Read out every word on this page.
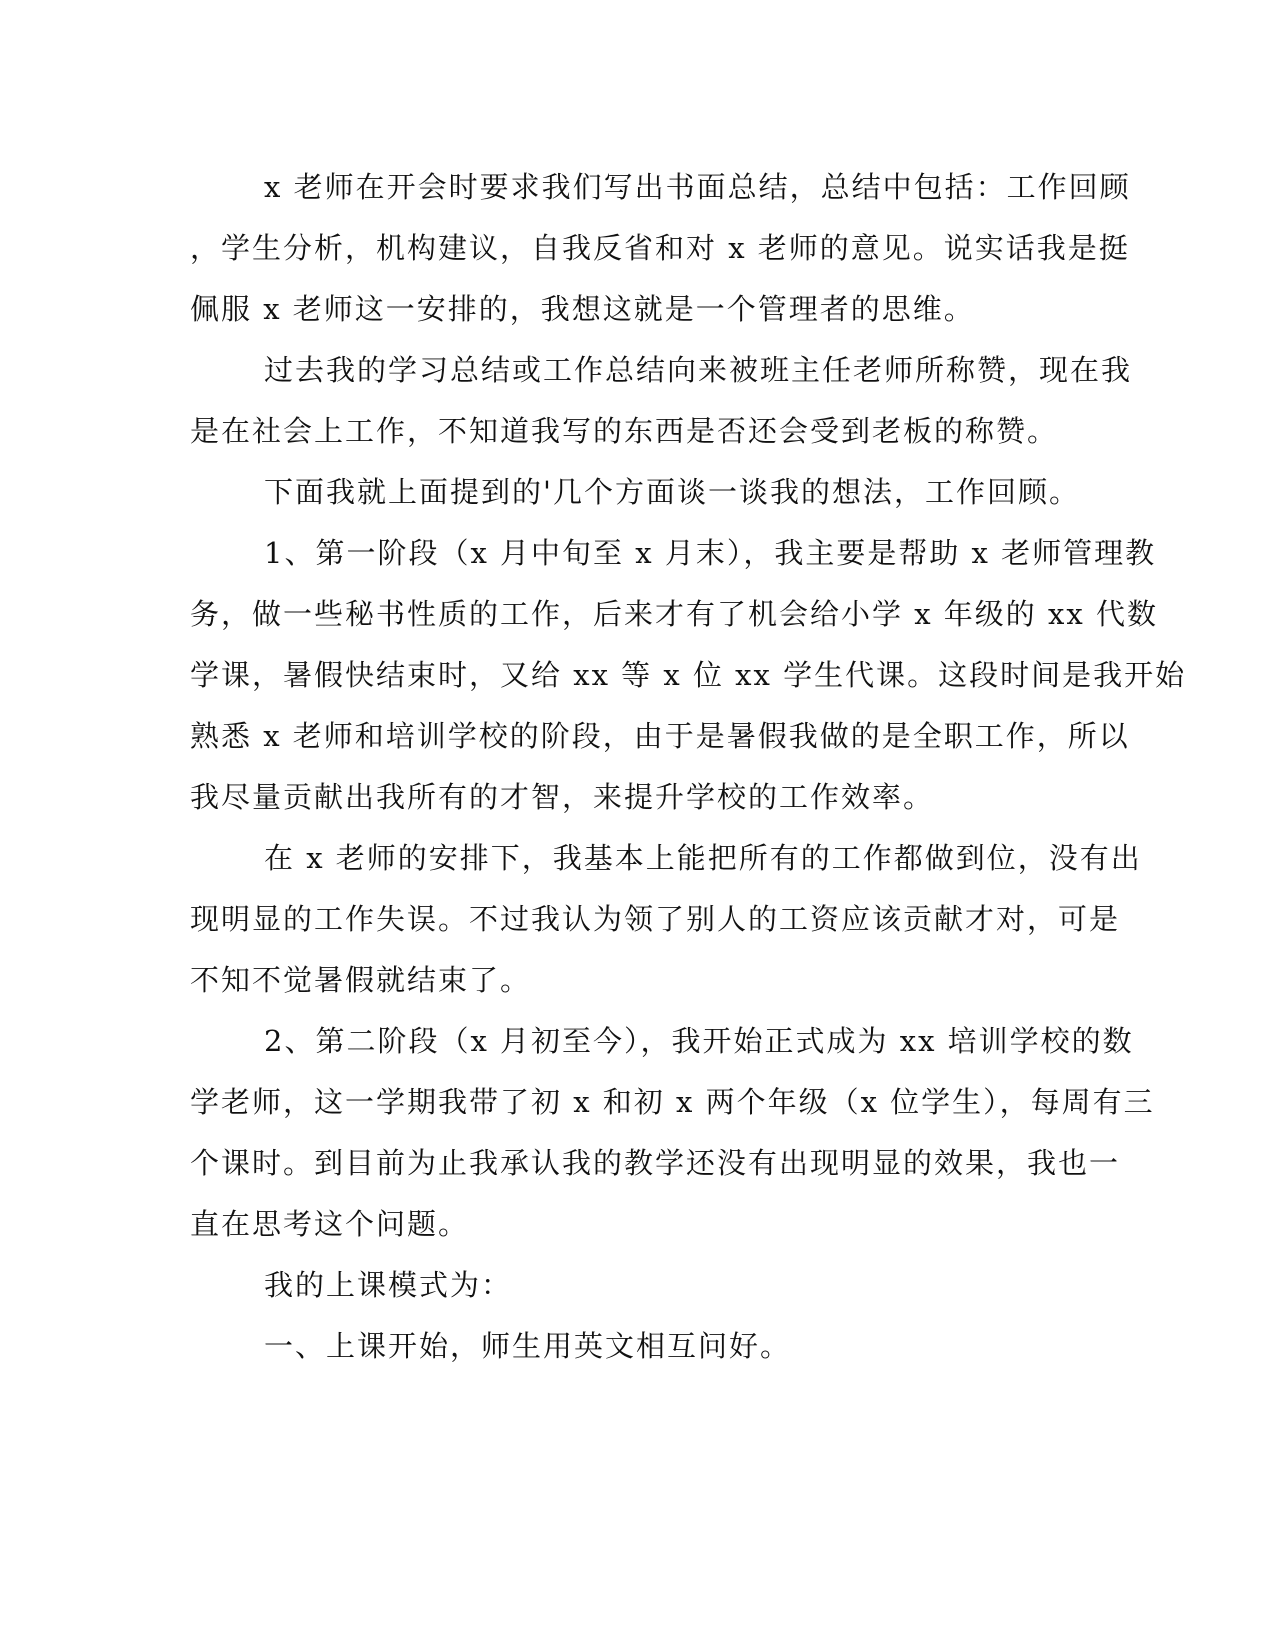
x 老师在开会时要求我们写出书面总结，总结中包括：工作回顾
，学生分析，机构建议，自我反省和对 x 老师的意见。说实话我是挺
佩服 x 老师这一安排的，我想这就是一个管理者的思维。
过去我的学习总结或工作总结向来被班主任老师所称赞，现在我
是在社会上工作，不知道我写的东西是否还会受到老板的称赞。
下面我就上面提到的'几个方面谈一谈我的想法，工作回顾。
1、第一阶段（x 月中旬至 x 月末），我主要是帮助 x 老师管理教
务，做一些秘书性质的工作，后来才有了机会给小学 x 年级的 xx 代数
学课，暑假快结束时，又给 xx 等 x 位 xx 学生代课。这段时间是我开始
熟悉 x 老师和培训学校的阶段，由于是暑假我做的是全职工作，所以
我尽量贡献出我所有的才智，来提升学校的工作效率。
在 x 老师的安排下，我基本上能把所有的工作都做到位，没有出
现明显的工作失误。不过我认为领了别人的工资应该贡献才对，可是
不知不觉暑假就结束了。
2、第二阶段（x 月初至今），我开始正式成为 xx 培训学校的数
学老师，这一学期我带了初 x 和初 x 两个年级（x 位学生），每周有三
个课时。到目前为止我承认我的教学还没有出现明显的效果，我也一
直在思考这个问题。
我的上课模式为：
一、上课开始，师生用英文相互问好。
